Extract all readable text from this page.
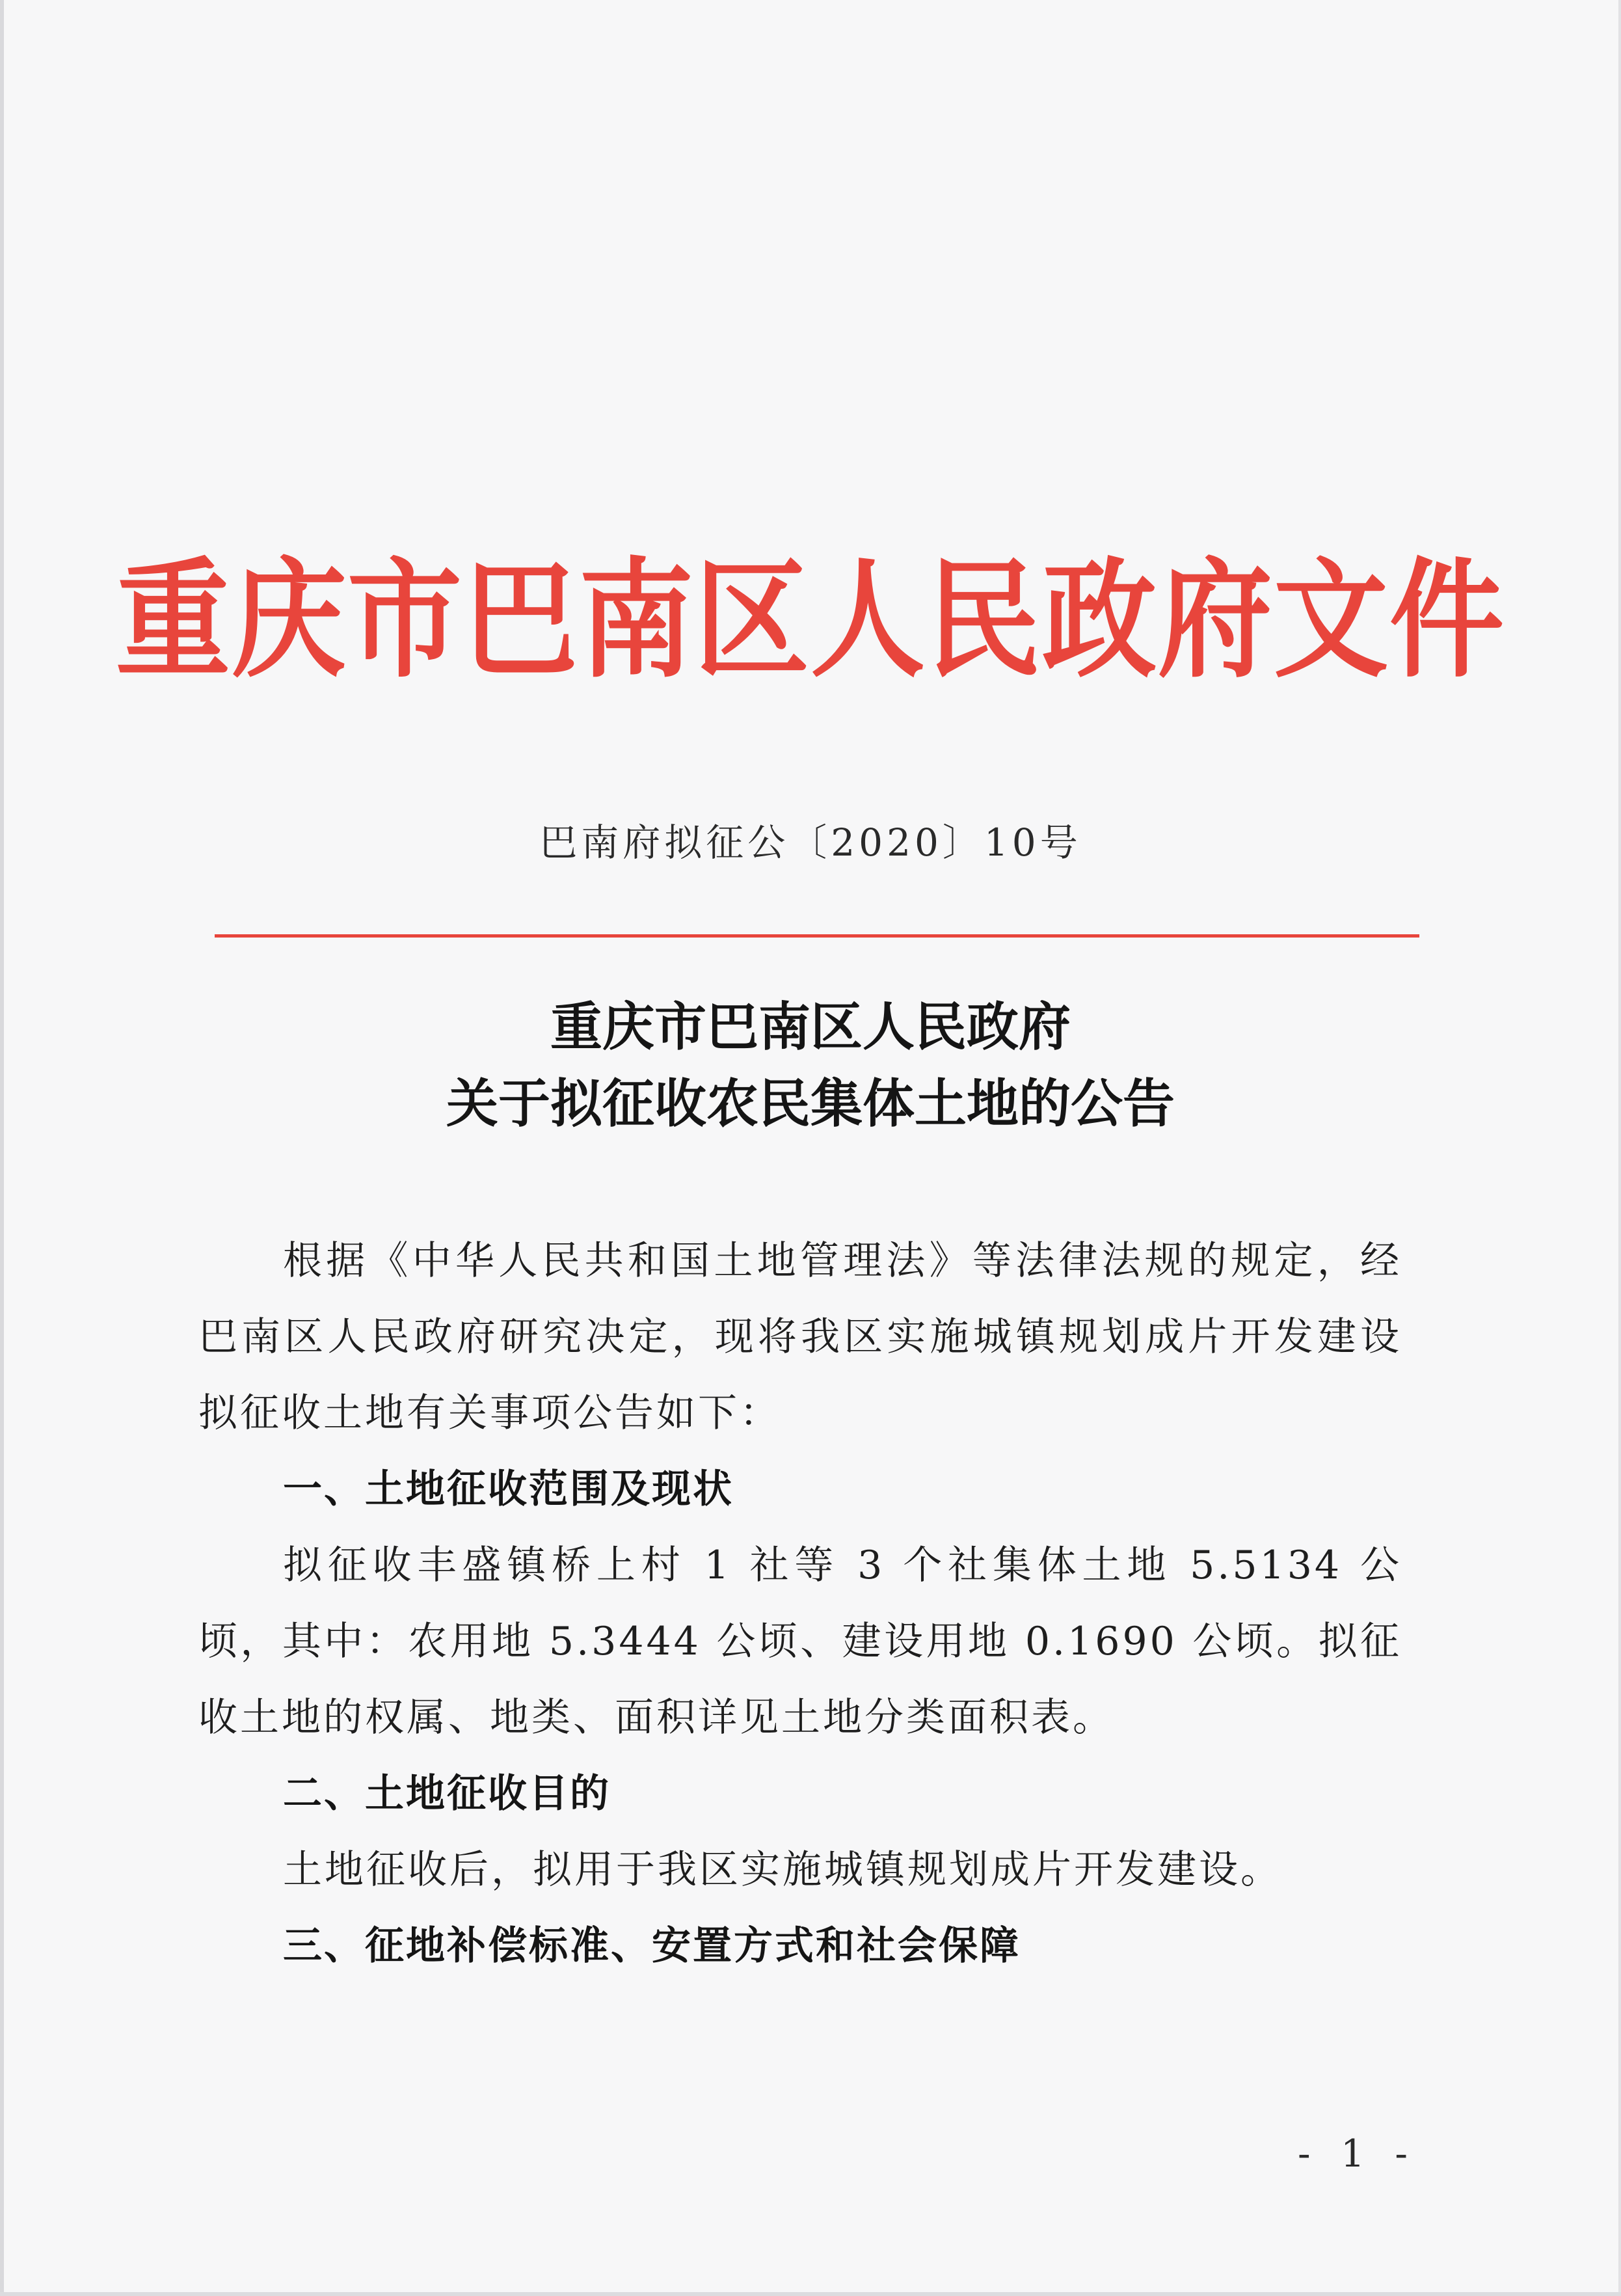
重庆市巴南区人民政府文件
巴南府拟征公〔2020〕10号
重庆市巴南区人民政府
关于拟征收农民集体土地的公告

根据《中华人民共和国土地管理法》等法律法规的规定，经巴南区人民政府研究决定，现将我区实施城镇规划成片开发建设拟征收土地有关事项公告如下：

一、土地征收范围及现状

拟征收丰盛镇桥上村 1 社等 3 个社集体土地 5.5134 公顷，其中：农用地 5.3444 公顷、建设用地 0.1690 公顷。拟征收土地的权属、地类、面积详见土地分类面积表。

二、土地征收目的

土地征收后，拟用于我区实施城镇规划成片开发建设。

三、征地补偿标准、安置方式和社会保障
- 1 -
